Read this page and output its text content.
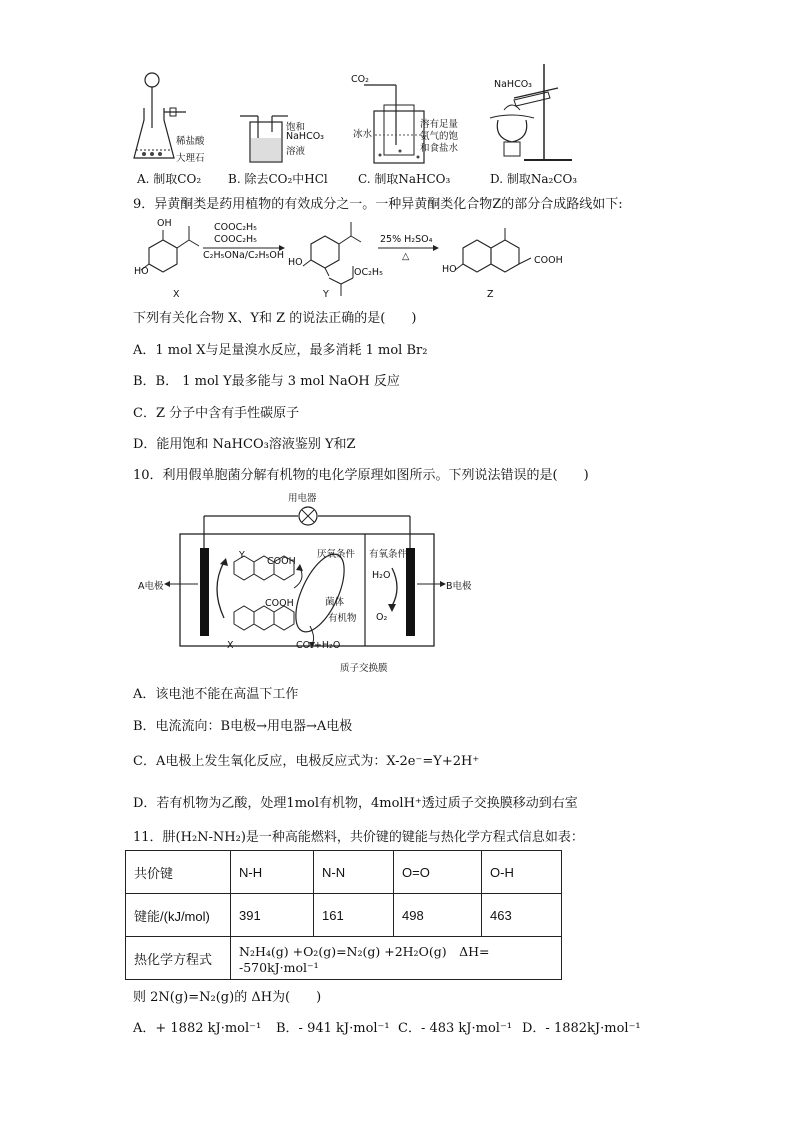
稀盐酸
大理石
A. 制取CO₂
饱和
NaHCO₃
溶液
B. 除去CO₂中HCl
CO₂
冰水
溶有足量
氨气的饱
和食盐水
C. 制取NaHCO₃
NaHCO₃
D. 制取Na₂CO₃
9．异黄酮类是药用植物的有效成分之一。一种异黄酮类化合物Z的部分合成路线如下:
OH
HO
COOC₂H₅
COOC₂H₅
C₂H₅ONa/C₂H₅OH
HO
OC₂H₅
25% H₂SO₄
△
HO
COOH
X	Y	Z
下列有关化合物 X、Y和 Z 的说法正确的是(　　)
A．1 mol X与足量溴水反应，最多消耗 1 mol Br₂
B．B． 1 mol Y最多能与 3 mol NaOH 反应
C．Z 分子中含有手性碳原子
D．能用饱和 NaHCO₃溶液鉴别 Y和Z
10．利用假单胞菌分解有机物的电化学原理如图所示。下列说法错误的是(　　)
用电器
A电极	B电极
厌氧条件 有氧条件
Y
COOH
COOH	菌体
有机物
X	CO₂+H₂O
H₂O
O₂
质子交换膜
A．该电池不能在高温下工作
B．电流流向：B电极→用电器→A电极
C．A电极上发生氧化反应，电极反应式为：X-2e⁻=Y+2H⁺
D．若有机物为乙酸，处理1mol有机物，4molH⁺透过质子交换膜移动到右室
11．肼(H₂N-NH₂)是一种高能燃料，共价键的键能与热化学方程式信息如表：
共价键	N-H	N-N	O=O	O-H
键能/(kJ/mol)	391	161	498	463
热化学方程式	N₂H₄(g) +O₂(g)=N₂(g) +2H₂O(g)　ΔH= -570kJ·mol⁻¹			
则 2N(g)=N₂(g)的 ΔH为(　　)
A．+ 1882 kJ·mol⁻¹ B．- 941 kJ·mol⁻¹ C．- 483 kJ·mol⁻¹ D．- 1882kJ·mol⁻¹
